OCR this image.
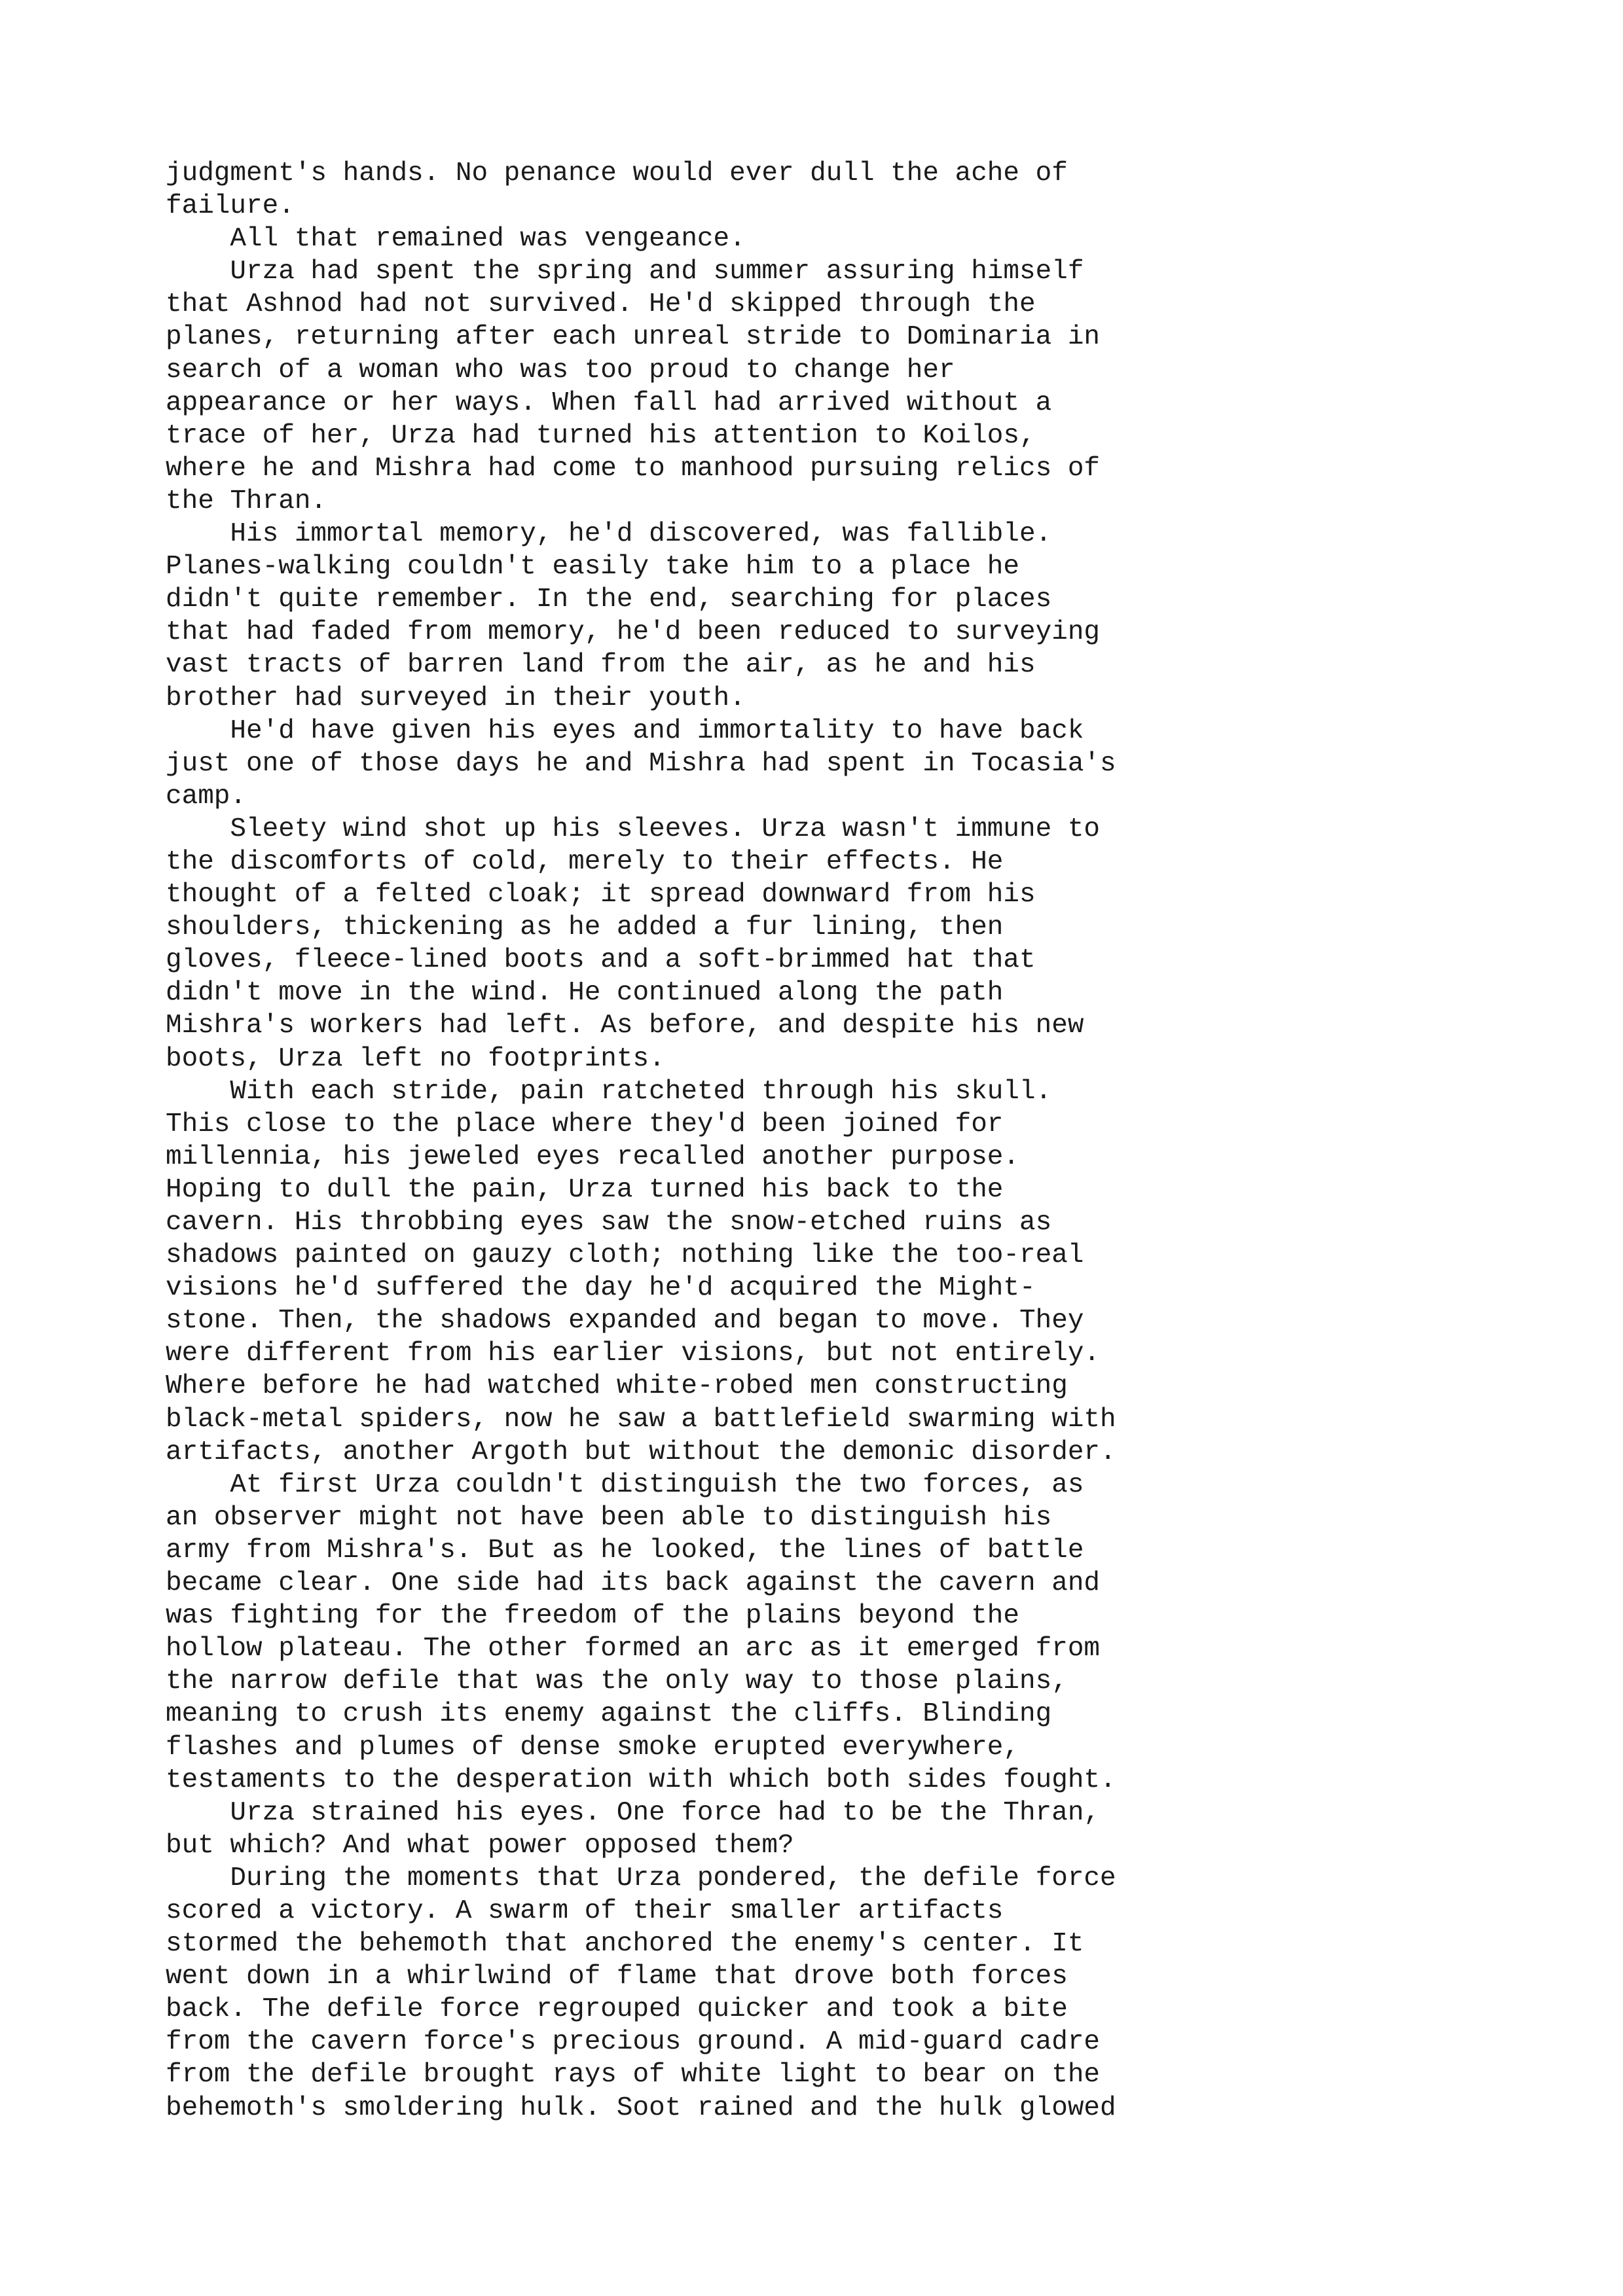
judgment's hands. No penance would ever dull the ache of
failure.
All that remained was vengeance.
Urza had spent the spring and summer assuring himself
that Ashnod had not survived. He'd skipped through the
planes, returning after each unreal stride to Dominaria in
search of a woman who was too proud to change her
appearance or her ways. When fall had arrived without a
trace of her, Urza had turned his attention to Koilos,
where he and Mishra had come to manhood pursuing relics of
the Thran.
His immortal memory, he'd discovered, was fallible.
Planes-walking couldn't easily take him to a place he
didn't quite remember. In the end, searching for places
that had faded from memory, he'd been reduced to surveying
vast tracts of barren land from the air, as he and his
brother had surveyed in their youth.
He'd have given his eyes and immortality to have back
just one of those days he and Mishra had spent in Tocasia's
camp.
Sleety wind shot up his sleeves. Urza wasn't immune to
the discomforts of cold, merely to their effects. He
thought of a felted cloak; it spread downward from his
shoulders, thickening as he added a fur lining, then
gloves, fleece-lined boots and a soft-brimmed hat that
didn't move in the wind. He continued along the path
Mishra's workers had left. As before, and despite his new
boots, Urza left no footprints.
With each stride, pain ratcheted through his skull.
This close to the place where they'd been joined for
millennia, his jeweled eyes recalled another purpose.
Hoping to dull the pain, Urza turned his back to the
cavern. His throbbing eyes saw the snow-etched ruins as
shadows painted on gauzy cloth; nothing like the too-real
visions he'd suffered the day he'd acquired the Might-
stone. Then, the shadows expanded and began to move. They
were different from his earlier visions, but not entirely.
Where before he had watched white-robed men constructing
black-metal spiders, now he saw a battlefield swarming with
artifacts, another Argoth but without the demonic disorder.
At first Urza couldn't distinguish the two forces, as
an observer might not have been able to distinguish his
army from Mishra's. But as he looked, the lines of battle
became clear. One side had its back against the cavern and
was fighting for the freedom of the plains beyond the
hollow plateau. The other formed an arc as it emerged from
the narrow defile that was the only way to those plains,
meaning to crush its enemy against the cliffs. Blinding
flashes and plumes of dense smoke erupted everywhere,
testaments to the desperation with which both sides fought.
Urza strained his eyes. One force had to be the Thran,
but which? And what power opposed them?
During the moments that Urza pondered, the defile force
scored a victory. A swarm of their smaller artifacts
stormed the behemoth that anchored the enemy's center. It
went down in a whirlwind of flame that drove both forces
back. The defile force regrouped quicker and took a bite
from the cavern force's precious ground. A mid-guard cadre
from the defile brought rays of white light to bear on the
behemoth's smoldering hulk. Soot rained and the hulk glowed
